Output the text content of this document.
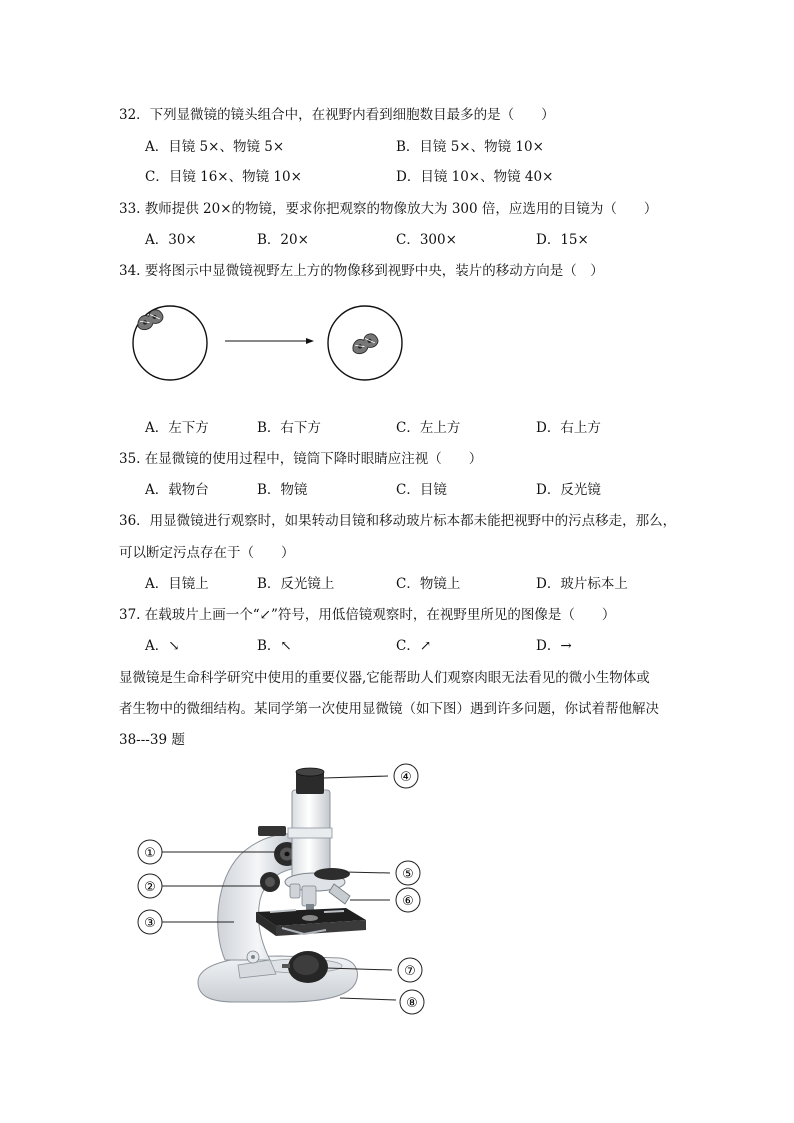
32．下列显微镜的镜头组合中，在视野内看到细胞数目最多的是（　　）
A．目镜 5×、物镜 5×	B．目镜 5×、物镜 10×
C．目镜 16×、物镜 10×	D．目镜 10×、物镜 40×
33. 教师提供 20×的物镜，要求你把观察的物像放大为 300 倍，应选用的目镜为（　　）
A．30×	B．20×	C．300×	D．15×
34. 要将图示中显微镜视野左上方的物像移到视野中央，装片的移动方向是（　）
A．左下方	B．右下方	C．左上方	D．右上方
35. 在显微镜的使用过程中，镜筒下降时眼睛应注视（　　）
A．载物台	B．物镜	C．目镜	D．反光镜
36．用显微镜进行观察时，如果转动目镜和移动玻片标本都未能把视野中的污点移走，那么，
可以断定污点存在于（　　）
A．目镜上	B．反光镜上	C．物镜上	D．玻片标本上
37. 在载玻片上画一个“↙”符号，用低倍镜观察时，在视野里所见的图像是（　　）
A．↘	B．↖	C．↗	D．→
显微镜是生命科学研究中使用的重要仪器,它能帮助人们观察肉眼无法看见的微小生物体或
者生物中的微细结构。某同学第一次使用显微镜（如下图）遇到许多问题，你试着帮他解决
38---39 题
①
②
③
④
⑤
⑥
⑦
⑧
